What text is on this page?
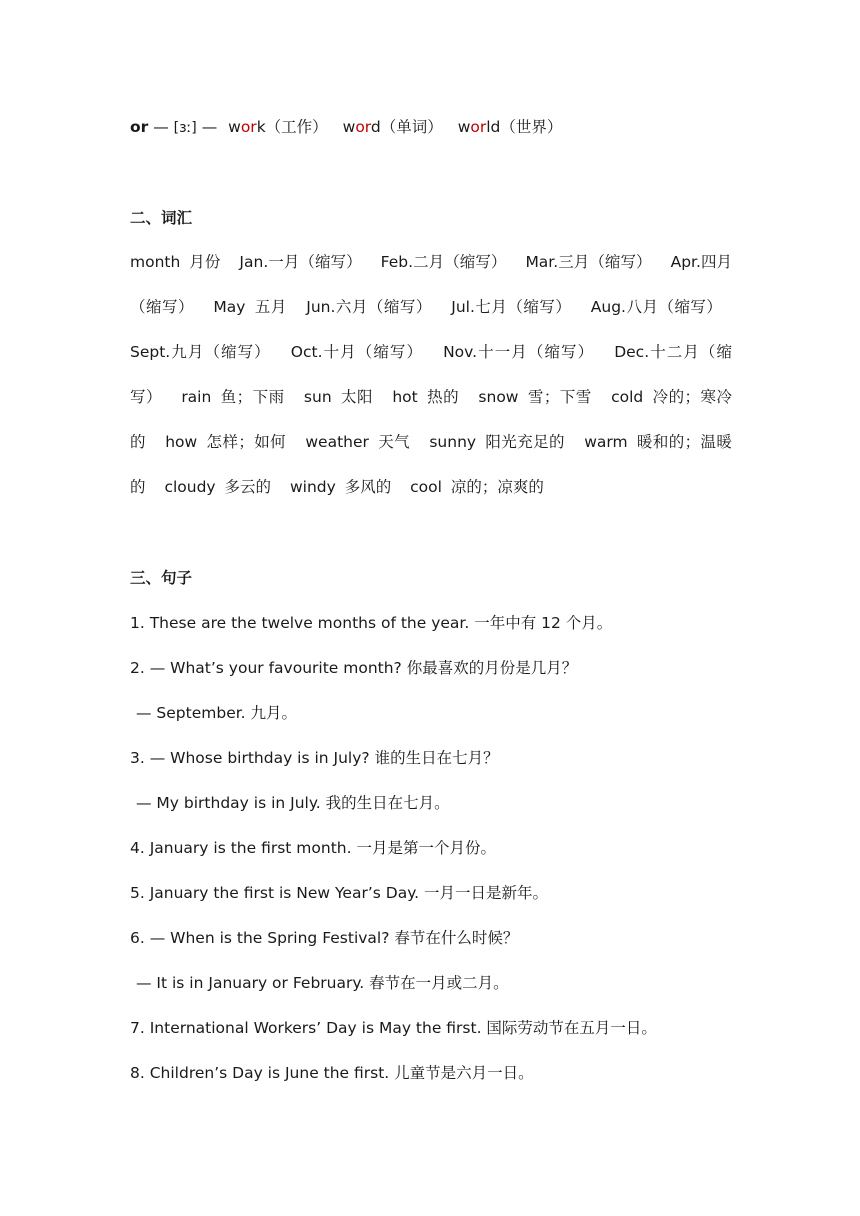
or — [ɜː] — work（工作） word（单词） world（世界）
二、词汇
month 月份 Jan.一月（缩写） Feb.二月（缩写） Mar.三月（缩写） Apr.四月（缩写） May 五月 Jun.六月（缩写） Jul.七月（缩写） Aug.八月（缩写） Sept.九月（缩写） Oct.十月（缩写） Nov.十一月（缩写） Dec.十二月（缩写） rain 鱼；下雨 sun 太阳 hot 热的 snow 雪；下雪 cold 冷的；寒冷的 how 怎样；如何 weather 天气 sunny 阳光充足的 warm 暖和的；温暖的 cloudy 多云的 windy 多风的 cool 凉的；凉爽的
三、句子
1. These are the twelve months of the year. 一年中有 12 个月。
2. — What’s your favourite month? 你最喜欢的月份是几月？
— September. 九月。
3. — Whose birthday is in July? 谁的生日在七月？
— My birthday is in July. 我的生日在七月。
4. January is the first month. 一月是第一个月份。
5. January the first is New Year’s Day. 一月一日是新年。
6. — When is the Spring Festival? 春节在什么时候？
— It is in January or February. 春节在一月或二月。
7. International Workers’ Day is May the first. 国际劳动节在五月一日。
8. Children’s Day is June the first. 儿童节是六月一日。
